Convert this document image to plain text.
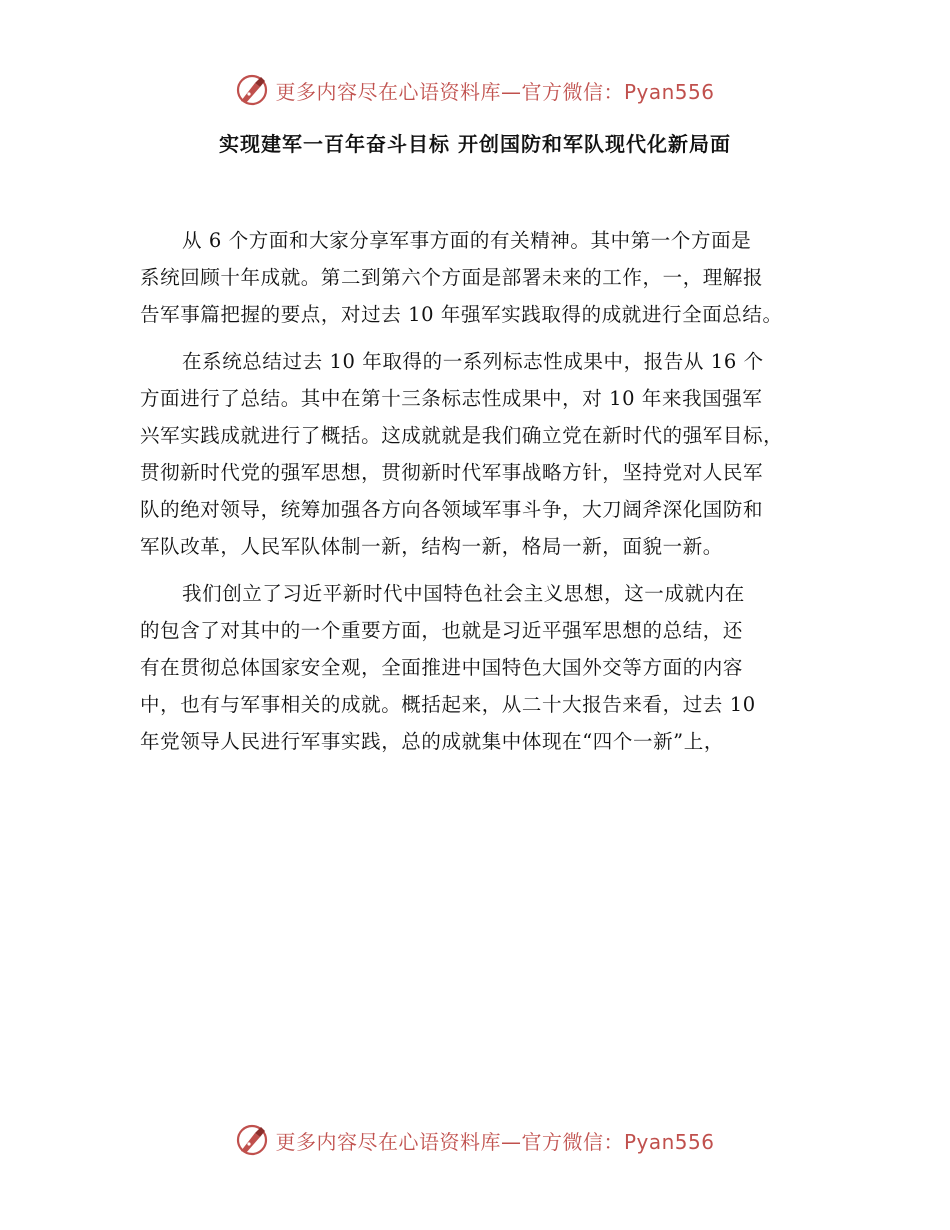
更多内容尽在心语资料库—官方微信：Pyan556
实现建军一百年奋斗目标 开创国防和军队现代化新局面
从 6 个方面和大家分享军事方面的有关精神。其中第一个方面是
系统回顾十年成就。第二到第六个方面是部署未来的工作，一，理解报
告军事篇把握的要点，对过去 10 年强军实践取得的成就进行全面总结。
在系统总结过去 10 年取得的一系列标志性成果中，报告从 16 个
方面进行了总结。其中在第十三条标志性成果中，对 10 年来我国强军
兴军实践成就进行了概括。这成就就是我们确立党在新时代的强军目标，
贯彻新时代党的强军思想，贯彻新时代军事战略方针，坚持党对人民军
队的绝对领导，统筹加强各方向各领域军事斗争，大刀阔斧深化国防和
军队改革，人民军队体制一新，结构一新，格局一新，面貌一新。
我们创立了习近平新时代中国特色社会主义思想，这一成就内在
的包含了对其中的一个重要方面，也就是习近平强军思想的总结，还
有在贯彻总体国家安全观，全面推进中国特色大国外交等方面的内容
中，也有与军事相关的成就。概括起来，从二十大报告来看，过去 10
年党领导人民进行军事实践，总的成就集中体现在“四个一新”上，
更多内容尽在心语资料库—官方微信：Pyan556
